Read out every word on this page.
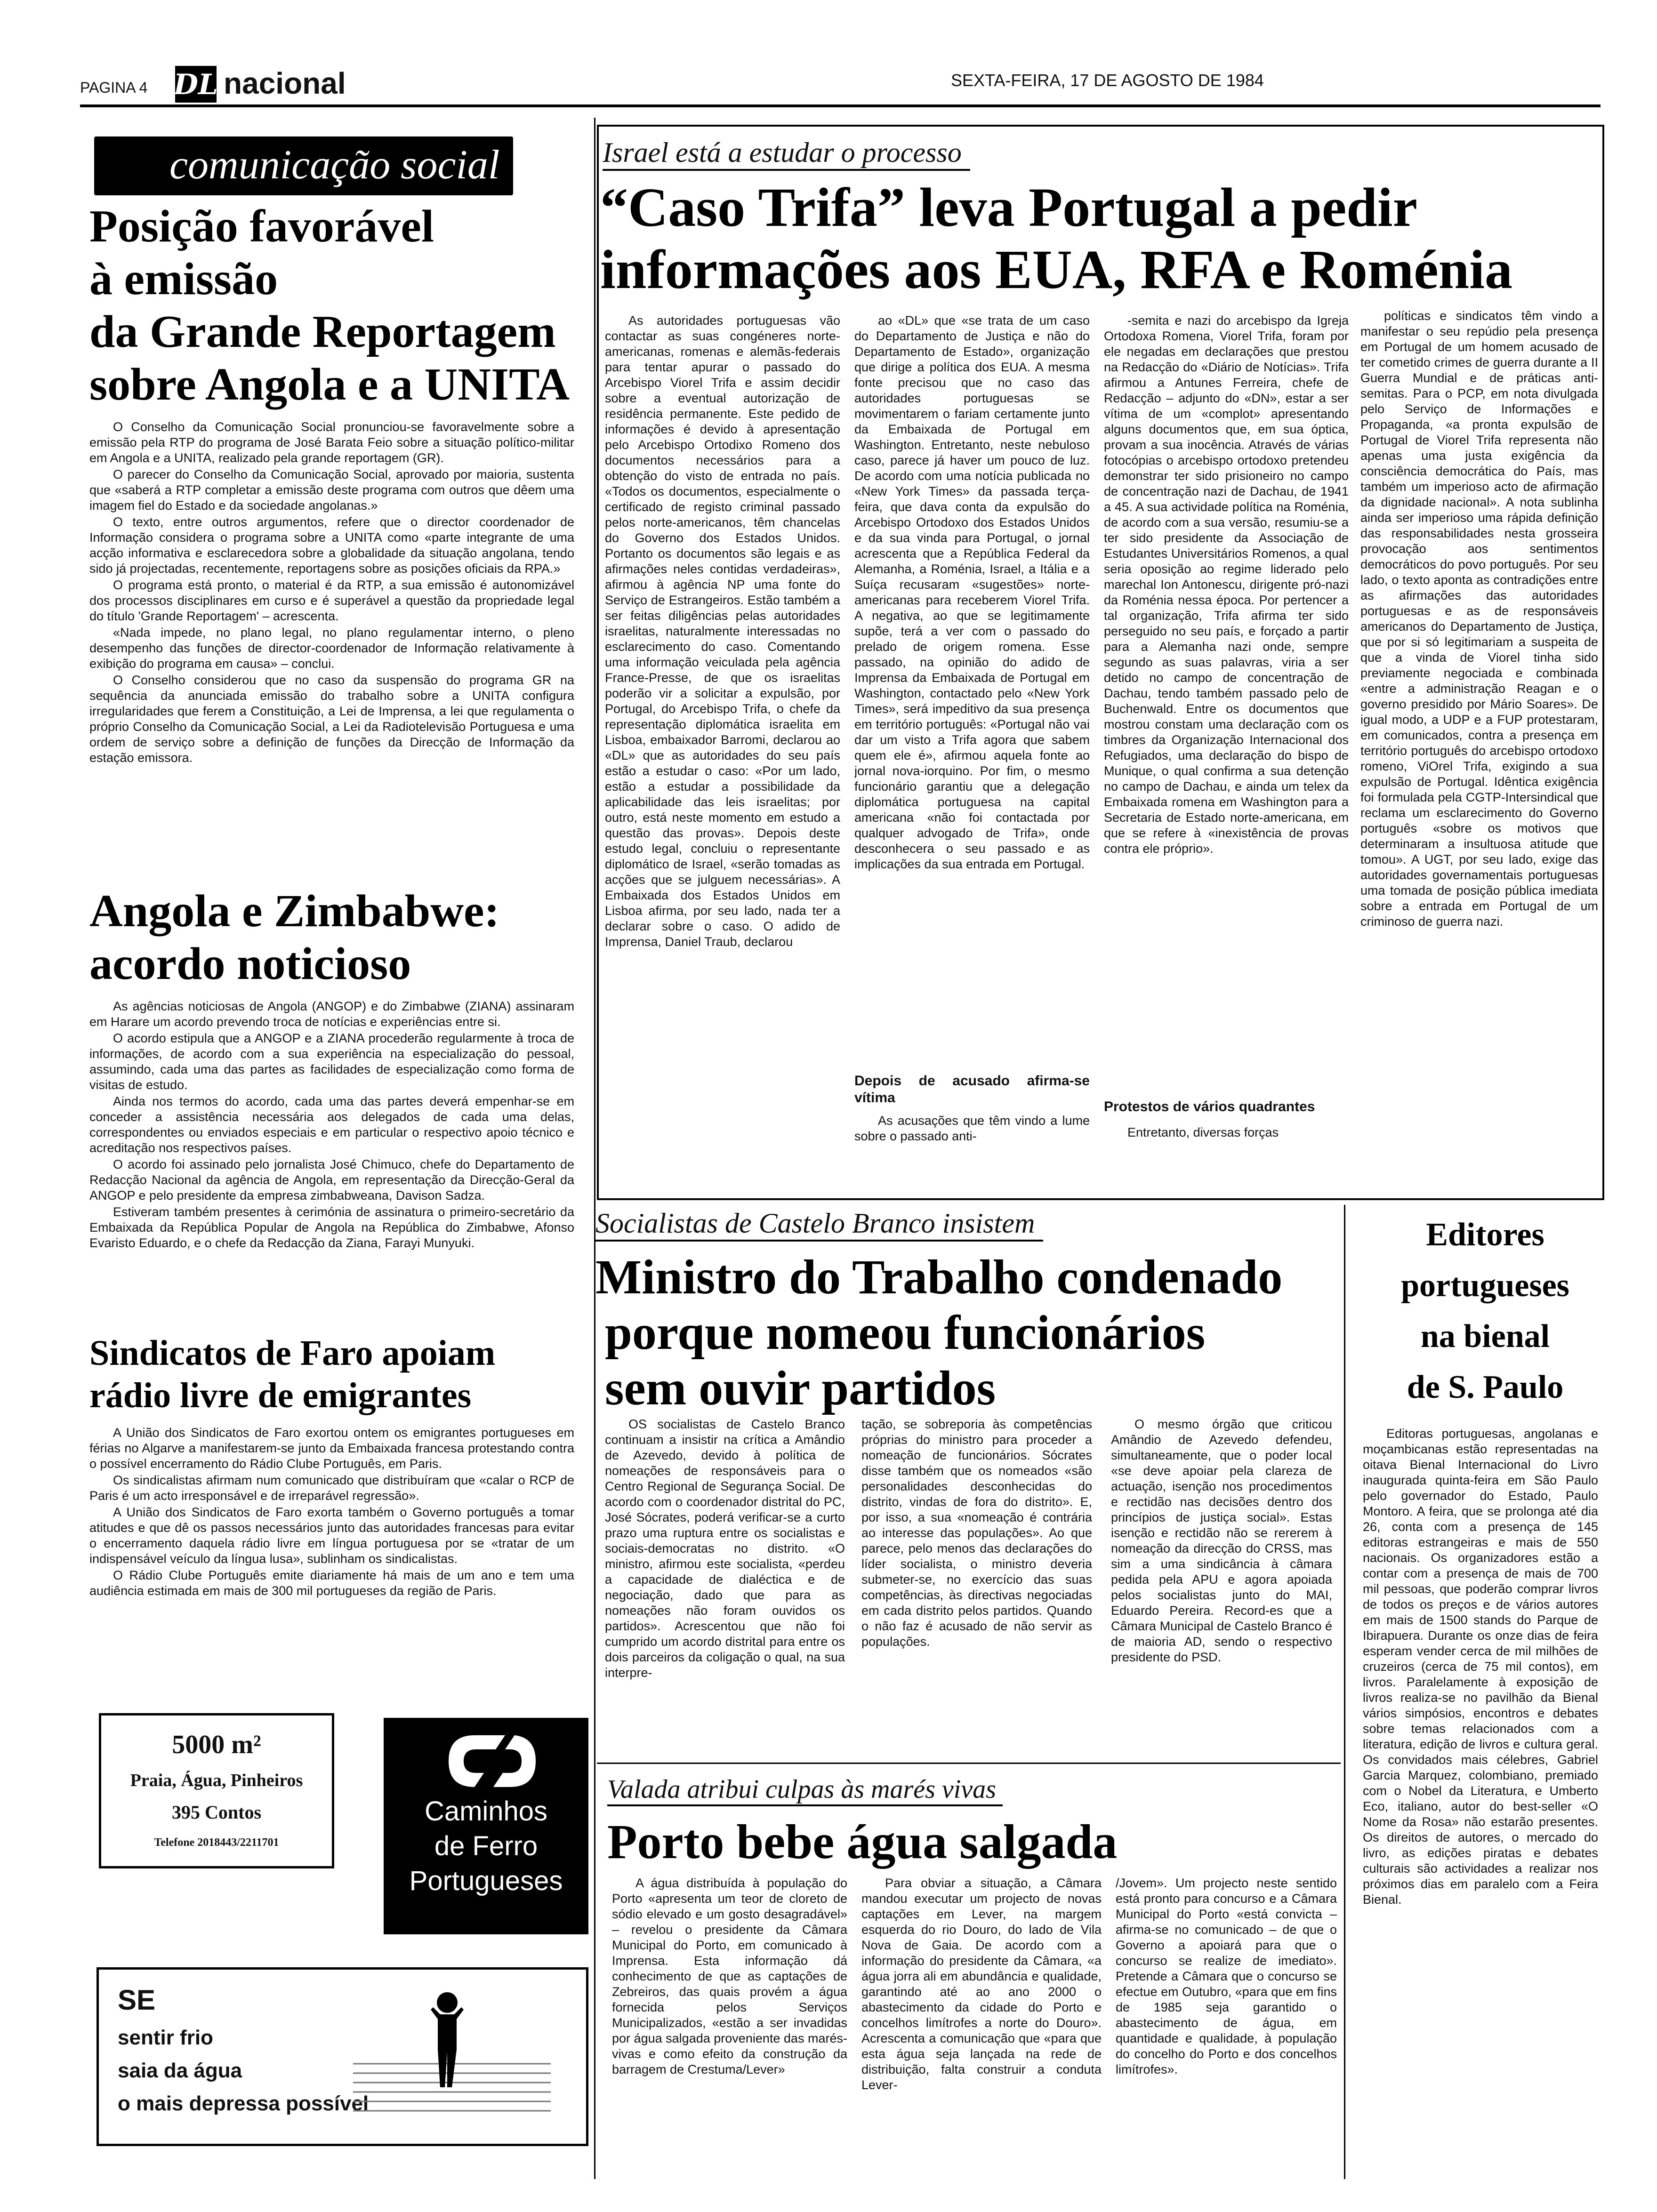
PAGINA 4 DL nacional	SEXTA-FEIRA, 17 DE AGOSTO DE 1984
comunicação social
Posição favorável
à emissão
da Grande Reportagem
sobre Angola e a UNITA

O Conselho da Comunicação Social pronunciou-se favoravelmente sobre a emissão pela RTP do programa de José Barata Feio sobre a situação político-militar em Angola e a UNITA, realizado pela grande reportagem (GR).

O parecer do Conselho da Comunicação Social, aprovado por maioria, sustenta que «saberá a RTP completar a emissão deste programa com outros que dêem uma imagem fiel do Estado e da sociedade angolanas.»

O texto, entre outros argumentos, refere que o director coordenador de Informação considera o programa sobre a UNITA como «parte integrante de uma acção informativa e esclarecedora sobre a globalidade da situação angolana, tendo sido já projectadas, recentemente, reportagens sobre as posições oficiais da RPA.»

O programa está pronto, o material é da RTP, a sua emissão é autonomizável dos processos disciplinares em curso e é superável a questão da propriedade legal do título 'Grande Reportagem' – acrescenta.

«Nada impede, no plano legal, no plano regulamentar interno, o pleno desempenho das funções de director-coordenador de Informação relativamente à exibição do programa em causa» – conclui.

O Conselho considerou que no caso da suspensão do programa GR na sequência da anunciada emissão do trabalho sobre a UNITA configura irregularidades que ferem a Constituição, a Lei de Imprensa, a lei que regulamenta o próprio Conselho da Comunicação Social, a Lei da Radiotelevisão Portuguesa e uma ordem de serviço sobre a definição de funções da Direcção de Informação da estação emissora.

Angola e Zimbabwe:
acordo noticioso

As agências noticiosas de Angola (ANGOP) e do Zimbabwe (ZIANA) assinaram em Harare um acordo prevendo troca de notícias e experiências entre si.

O acordo estipula que a ANGOP e a ZIANA procederão regularmente à troca de informações, de acordo com a sua experiência na especialização do pessoal, assumindo, cada uma das partes as facilidades de especialização como forma de visitas de estudo.

Ainda nos termos do acordo, cada uma das partes deverá empenhar-se em conceder a assistência necessária aos delegados de cada uma delas, correspondentes ou enviados especiais e em particular o respectivo apoio técnico e acreditação nos respectivos países.

O acordo foi assinado pelo jornalista José Chimuco, chefe do Departamento de Redacção Nacional da agência de Angola, em representação da Direcção-Geral da ANGOP e pelo presidente da empresa zimbabweana, Davison Sadza.

Estiveram também presentes à cerimónia de assinatura o primeiro-secretário da Embaixada da República Popular de Angola na República do Zimbabwe, Afonso Evaristo Eduardo, e o chefe da Redacção da Ziana, Farayi Munyuki.

Sindicatos de Faro apoiam
rádio livre de emigrantes

A União dos Sindicatos de Faro exortou ontem os emigrantes portugueses em férias no Algarve a manifestarem-se junto da Embaixada francesa protestando contra o possível encerramento do Rádio Clube Português, em Paris.

Os sindicalistas afirmam num comunicado que distribuíram que «calar o RCP de Paris é um acto irresponsável e de irreparável regressão».

A União dos Sindicatos de Faro exorta também o Governo português a tomar atitudes e que dê os passos necessários junto das autoridades francesas para evitar o encerramento daquela rádio livre em língua portuguesa por se «tratar de um indispensável veículo da língua lusa», sublinham os sindicalistas.

O Rádio Clube Português emite diariamente há mais de um ano e tem uma audiência estimada em mais de 300 mil portugueses da região de Paris.

5000 m²
Praia, Água, Pinheiros
395 Contos
Telefone 2018443/2211701
Caminhos
de Ferro
Portugueses
SE
sentir frio
saia da água
o mais depressa possível
Israel está a estudar o processo
“Caso Trifa” leva Portugal a pedir
informações aos EUA, RFA e Roménia

As autoridades portuguesas vão contactar as suas congéneres norte-americanas, romenas e alemãs-federais para tentar apurar o passado do Arcebispo Viorel Trifa e assim decidir sobre a eventual autorização de residência permanente. Este pedido de informações é devido à apresentação pelo Arcebispo Ortodixo Romeno dos documentos necessários para a obtenção do visto de entrada no país. «Todos os documentos, especialmente o certificado de registo criminal passado pelos norte-americanos, têm chancelas do Governo dos Estados Unidos. Portanto os documentos são legais e as afirmações neles contidas verdadeiras», afirmou à agência NP uma fonte do Serviço de Estrangeiros. Estão também a ser feitas diligências pelas autoridades israelitas, naturalmente interessadas no esclarecimento do caso. Comentando uma informação veiculada pela agência France-Presse, de que os israelitas poderão vir a solicitar a expulsão, por Portugal, do Arcebispo Trifa, o chefe da representação diplomática israelita em Lisboa, embaixador Barromi, declarou ao «DL» que as autoridades do seu país estão a estudar o caso: «Por um lado, estão a estudar a possibilidade da aplicabilidade das leis israelitas; por outro, está neste momento em estudo a questão das provas». Depois deste estudo legal, concluiu o representante diplomático de Israel, «serão tomadas as acções que se julguem necessárias». A Embaixada dos Estados Unidos em Lisboa afirma, por seu lado, nada ter a declarar sobre o caso. O adido de Imprensa, Daniel Traub, declarou

ao «DL» que «se trata de um caso do Departamento de Justiça e não do Departamento de Estado», organização que dirige a política dos EUA. A mesma fonte precisou que no caso das autoridades portuguesas se movimentarem o fariam certamente junto da Embaixada de Portugal em Washington. Entretanto, neste nebuloso caso, parece já haver um pouco de luz. De acordo com uma notícia publicada no «New York Times» da passada terça-feira, que dava conta da expulsão do Arcebispo Ortodoxo dos Estados Unidos e da sua vinda para Portugal, o jornal acrescenta que a República Federal da Alemanha, a Roménia, Israel, a Itália e a Suíça recusaram «sugestões» norte-americanas para receberem Viorel Trifa. A negativa, ao que se legitimamente supõe, terá a ver com o passado do prelado de origem romena. Esse passado, na opinião do adido de Imprensa da Embaixada de Portugal em Washington, contactado pelo «New York Times», será impeditivo da sua presença em território português: «Portugal não vai dar um visto a Trifa agora que sabem quem ele é», afirmou aquela fonte ao jornal nova-iorquino. Por fim, o mesmo funcionário garantiu que a delegação diplomática portuguesa na capital americana «não foi contactada por qualquer advogado de Trifa», onde desconhecera o seu passado e as implicações da sua entrada em Portugal.

Depois de acusado afirma-se vítima

As acusações que têm vindo a lume sobre o passado anti-

-semita e nazi do arcebispo da Igreja Ortodoxa Romena, Viorel Trifa, foram por ele negadas em declarações que prestou na Redacção do «Diário de Notícias». Trifa afirmou a Antunes Ferreira, chefe de Redacção – adjunto do «DN», estar a ser vítima de um «complot» apresentando alguns documentos que, em sua óptica, provam a sua inocência. Através de várias fotocópias o arcebispo ortodoxo pretendeu demonstrar ter sido prisioneiro no campo de concentração nazi de Dachau, de 1941 a 45. A sua actividade política na Roménia, de acordo com a sua versão, resumiu-se a ter sido presidente da Associação de Estudantes Universitários Romenos, a qual seria oposição ao regime liderado pelo marechal Ion Antonescu, dirigente pró-nazi da Roménia nessa época. Por pertencer a tal organização, Trifa afirma ter sido perseguido no seu país, e forçado a partir para a Alemanha nazi onde, sempre segundo as suas palavras, viria a ser detido no campo de concentração de Dachau, tendo também passado pelo de Buchenwald. Entre os documentos que mostrou constam uma declaração com os timbres da Organização Internacional dos Refugiados, uma declaração do bispo de Munique, o qual confirma a sua detenção no campo de Dachau, e ainda um telex da Embaixada romena em Washington para a Secretaria de Estado norte-americana, em que se refere à «inexistência de provas contra ele próprio».

Protestos de vários quadrantes

Entretanto, diversas forças

políticas e sindicatos têm vindo a manifestar o seu repúdio pela presença em Portugal de um homem acusado de ter cometido crimes de guerra durante a II Guerra Mundial e de práticas anti-semitas. Para o PCP, em nota divulgada pelo Serviço de Informações e Propaganda, «a pronta expulsão de Portugal de Viorel Trifa representa não apenas uma justa exigência da consciência democrática do País, mas também um imperioso acto de afirmação da dignidade nacional». A nota sublinha ainda ser imperioso uma rápida definição das responsabilidades nesta grosseira provocação aos sentimentos democráticos do povo português. Por seu lado, o texto aponta as contradições entre as afirmações das autoridades portuguesas e as de responsáveis americanos do Departamento de Justiça, que por si só legitimariam a suspeita de que a vinda de Viorel tinha sido previamente negociada e combinada «entre a administração Reagan e o governo presidido por Mário Soares». De igual modo, a UDP e a FUP protestaram, em comunicados, contra a presença em território português do arcebispo ortodoxo romeno, ViOrel Trifa, exigindo a sua expulsão de Portugal. Idêntica exigência foi formulada pela CGTP-Intersindical que reclama um esclarecimento do Governo português «sobre os motivos que determinaram a insultuosa atitude que tomou». A UGT, por seu lado, exige das autoridades governamentais portuguesas uma tomada de posição pública imediata sobre a entrada em Portugal de um criminoso de guerra nazi.

Socialistas de Castelo Branco insistem
Ministro do Trabalho condenado
porque nomeou funcionários
sem ouvir partidos

OS socialistas de Castelo Branco continuam a insistir na crítica a Amândio de Azevedo, devido à política de nomeações de responsáveis para o Centro Regional de Segurança Social. De acordo com o coordenador distrital do PC, José Sócrates, poderá verificar-se a curto prazo uma ruptura entre os socialistas e sociais-democratas no distrito. «O ministro, afirmou este socialista, «perdeu a capacidade de dialéctica e de negociação, dado que para as nomeações não foram ouvidos os partidos». Acrescentou que não foi cumprido um acordo distrital para entre os dois parceiros da coligação o qual, na sua interpre-

tação, se sobreporia às competências próprias do ministro para proceder a nomeação de funcionários. Sócrates disse também que os nomeados «são personalidades desconhecidas do distrito, vindas de fora do distrito». E, por isso, a sua «nomeação é contrária ao interesse das populações». Ao que parece, pelo menos das declarações do líder socialista, o ministro deveria submeter-se, no exercício das suas competências, às directivas negociadas em cada distrito pelos partidos. Quando o não faz é acusado de não servir as populações.

O mesmo órgão que criticou Amândio de Azevedo defendeu, simultaneamente, que o poder local «se deve apoiar pela clareza de actuação, isenção nos procedimentos e rectidão nas decisões dentro dos princípios de justiça social». Estas isenção e rectidão não se rererem à nomeação da direcção do CRSS, mas sim a uma sindicância à câmara pedida pela APU e agora apoiada pelos socialistas junto do MAI, Eduardo Pereira. Record-es que a Câmara Municipal de Castelo Branco é de maioria AD, sendo o respectivo presidente do PSD.

Valada atribui culpas às marés vivas
Porto bebe água salgada

A água distribuída à população do Porto «apresenta um teor de cloreto de sódio elevado e um gosto desagradável» – revelou o presidente da Câmara Municipal do Porto, em comunicado à Imprensa. Esta informação dá conhecimento de que as captações de Zebreiros, das quais provém a água fornecida pelos Serviços Municipalizados, «estão a ser invadidas por água salgada proveniente das marés-vivas e como efeito da construção da barragem de Crestuma/Lever»

Para obviar a situação, a Câmara mandou executar um projecto de novas captações em Lever, na margem esquerda do rio Douro, do lado de Vila Nova de Gaia. De acordo com a informação do presidente da Câmara, «a água jorra ali em abundância e qualidade, garantindo até ao ano 2000 o abastecimento da cidade do Porto e concelhos limítrofes a norte do Douro». Acrescenta a comunicação que «para que esta água seja lançada na rede de distribuição, falta construir a conduta Lever-

/Jovem». Um projecto neste sentido está pronto para concurso e a Câmara Municipal do Porto «está convicta – afirma-se no comunicado – de que o Governo a apoiará para que o concurso se realize de imediato». Pretende a Câmara que o concurso se efectue em Outubro, «para que em fins de 1985 seja garantido o abastecimento de água, em quantidade e qualidade, à população do concelho do Porto e dos concelhos limítrofes».

Editores
portugueses
na bienal
de S. Paulo

Editoras portuguesas, angolanas e moçambicanas estão representadas na oitava Bienal Internacional do Livro inaugurada quinta-feira em São Paulo pelo governador do Estado, Paulo Montoro. A feira, que se prolonga até dia 26, conta com a presença de 145 editoras estrangeiras e mais de 550 nacionais. Os organizadores estão a contar com a presença de mais de 700 mil pessoas, que poderão comprar livros de todos os preços e de vários autores em mais de 1500 stands do Parque de Ibirapuera. Durante os onze dias de feira esperam vender cerca de mil milhões de cruzeiros (cerca de 75 mil contos), em livros. Paralelamente à exposição de livros realiza-se no pavilhão da Bienal vários simpósios, encontros e debates sobre temas relacionados com a literatura, edição de livros e cultura geral. Os convidados mais célebres, Gabriel Garcia Marquez, colombiano, premiado com o Nobel da Literatura, e Umberto Eco, italiano, autor do best-seller «O Nome da Rosa» não estarão presentes. Os direitos de autores, o mercado do livro, as edições piratas e debates culturais são actividades a realizar nos próximos dias em paralelo com a Feira Bienal.
